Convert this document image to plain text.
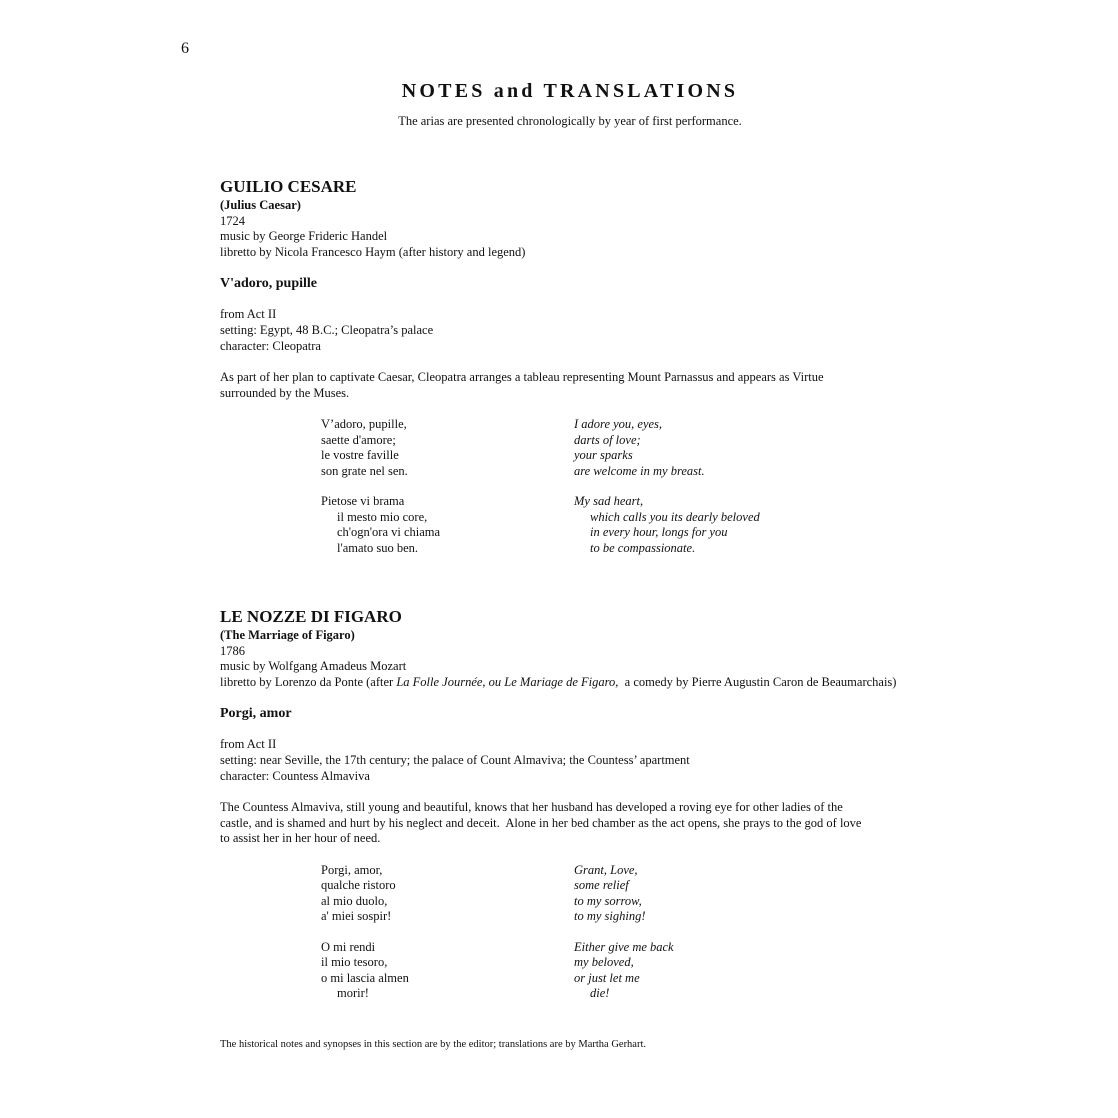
6
NOTES and TRANSLATIONS

The arias are presented chronologically by year of first performance.

GUILIO CESARE

(Julius Caesar)

1724

music by George Frideric Handel

libretto by Nicola Francesco Haym (after history and legend)

V'adoro, pupille

from Act II

setting: Egypt, 48 B.C.; Cleopatra’s palace

character: Cleopatra

As part of her plan to captivate Caesar, Cleopatra arranges a tableau representing Mount Parnassus and appears as Virtue

surrounded by the Muses.

V’adoro, pupille,

saette d'amore;

le vostre faville

son grate nel sen.

I adore you, eyes,

darts of love;

your sparks

are welcome in my breast.

Pietose vi brama

il mesto mio core,

ch'ogn'ora vi chiama

l'amato suo ben.

My sad heart,

which calls you its dearly beloved

in every hour, longs for you

to be compassionate.

LE NOZZE DI FIGARO

(The Marriage of Figaro)

1786

music by Wolfgang Amadeus Mozart

libretto by Lorenzo da Ponte (after La Folle Journée, ou Le Mariage de Figaro,  a comedy by Pierre Augustin Caron de Beaumarchais)

Porgi, amor

from Act II

setting: near Seville, the 17th century; the palace of Count Almaviva; the Countess’ apartment

character: Countess Almaviva

The Countess Almaviva, still young and beautiful, knows that her husband has developed a roving eye for other ladies of the

castle, and is shamed and hurt by his neglect and deceit.  Alone in her bed chamber as the act opens, she prays to the god of love

to assist her in her hour of need.

Porgi, amor,

qualche ristoro

al mio duolo,

a' miei sospir!

Grant, Love,

some relief

to my sorrow,

to my sighing!

O mi rendi

il mio tesoro,

o mi lascia almen

morir!

Either give me back

my beloved,

or just let me

die!

The historical notes and synopses in this section are by the editor; translations are by Martha Gerhart.
